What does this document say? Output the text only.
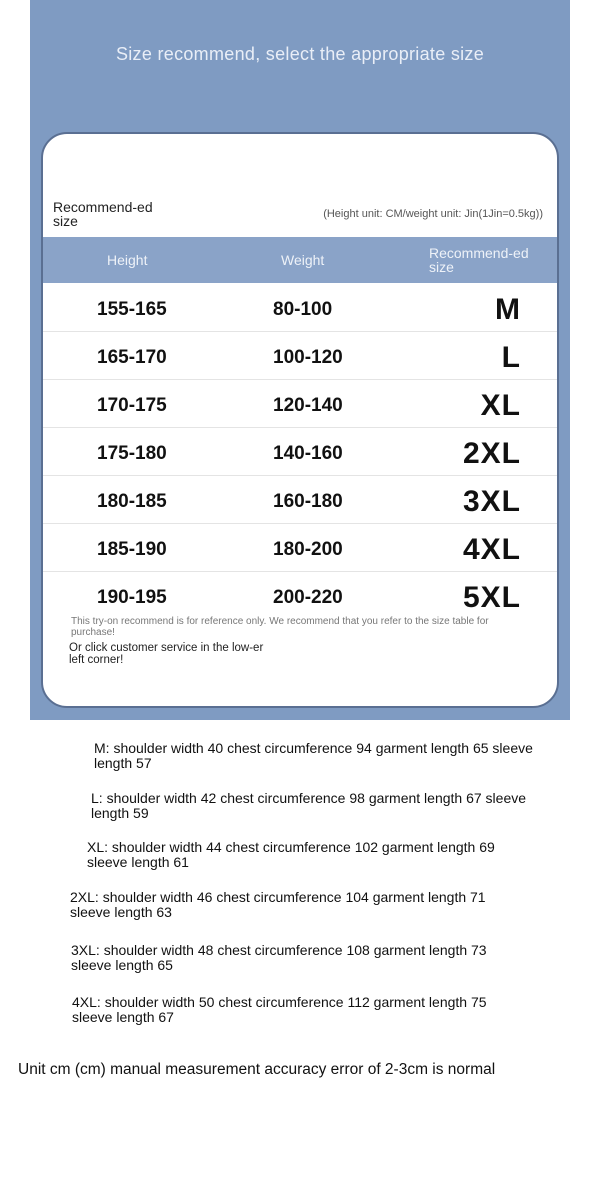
Size recommend, select the appropriate size
Recommend-ed size	(Height unit: CM/weight unit: Jin(1Jin=0.5kg))
Height	Weight	Recommend-ed size
155-165	80-100	M
165-170	100-120	L
170-175	120-140	XL
175-180	140-160	2XL
180-185	160-180	3XL
185-190	180-200	4XL
190-195	200-220	5XL
This try-on recommend is for reference only. We recommend that you refer to the size table for purchase!
Or click customer service in the low-er left corner!
M: shoulder width 40 chest circumference 94 garment length 65 sleeve length 57
L: shoulder width 42 chest circumference 98 garment length 67 sleeve length 59
XL: shoulder width 44 chest circumference 102 garment length 69 sleeve length 61
2XL: shoulder width 46 chest circumference 104 garment length 71 sleeve length 63
3XL: shoulder width 48 chest circumference 108 garment length 73 sleeve length 65
4XL: shoulder width 50 chest circumference 112 garment length 75 sleeve length 67
Unit cm (cm) manual measurement accuracy error of 2-3cm is normal
